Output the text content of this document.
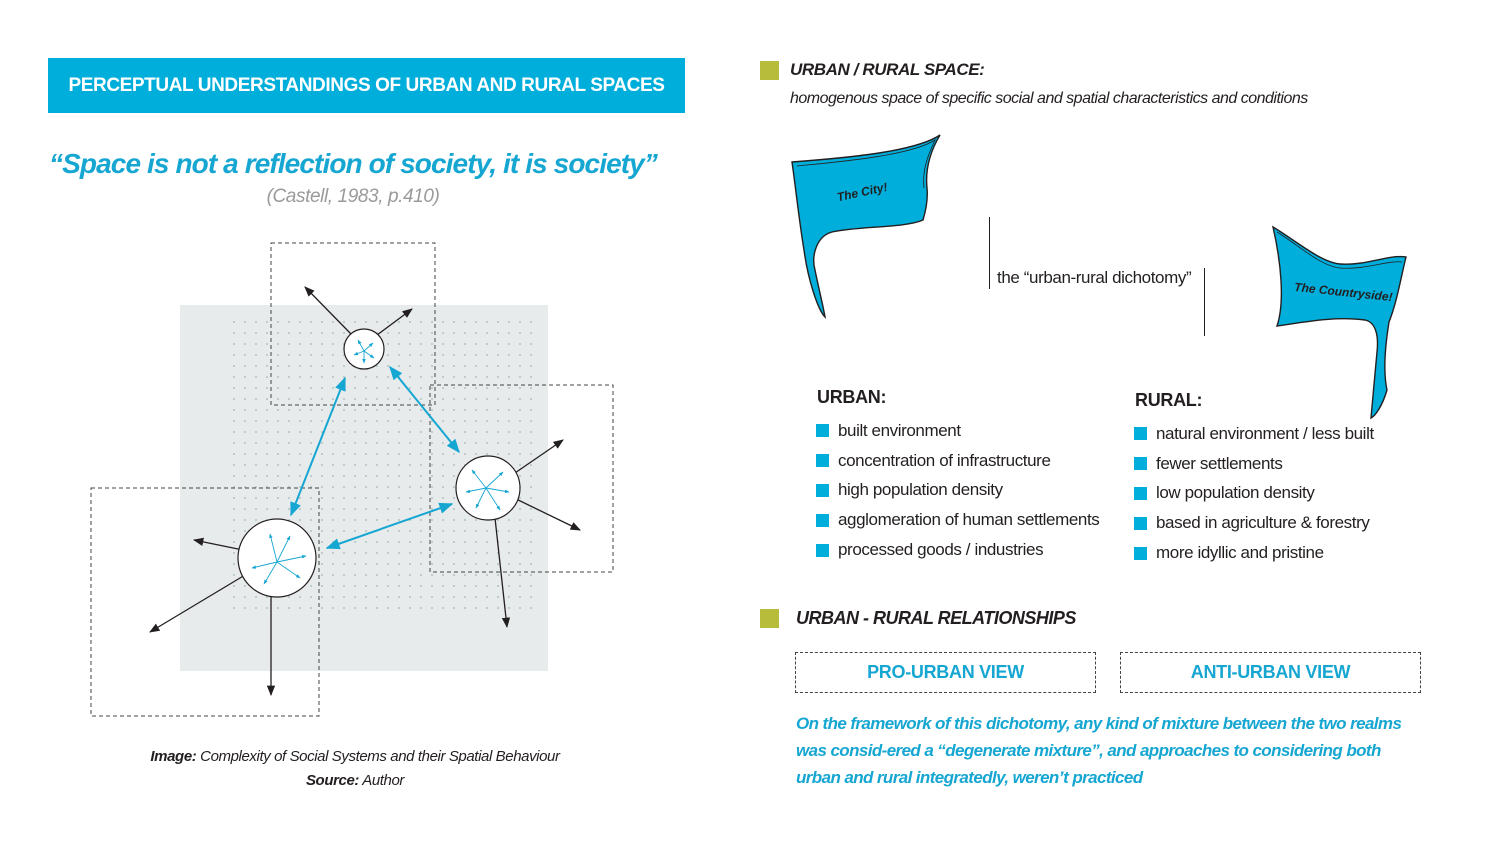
PERCEPTUAL UNDERSTANDINGS OF URBAN AND RURAL SPACES
“Space is not a reflection of society, it is society”
(Castell, 1983, p.410)
Image: Complexity of Social Systems and their Spatial Behaviour
Source: Author
URBAN / RURAL SPACE:
homogenous space of specific social and spatial characteristics and conditions
The City!
the “urban-rural dichotomy”
The Countryside!
URBAN:
built environment
concentration of infrastructure
high population density
agglomeration of human settlements
processed goods / industries
RURAL:
natural environment / less built
fewer settlements
low population density
based in agriculture & forestry
more idyllic and pristine
URBAN - RURAL RELATIONSHIPS
PRO-URBAN VIEW	ANTI-URBAN VIEW
On the framework of this dichotomy, any kind of mixture between the two realms was consid-ered a “degenerate mixture”, and approaches to considering both urban and rural integratedly, weren’t practiced
